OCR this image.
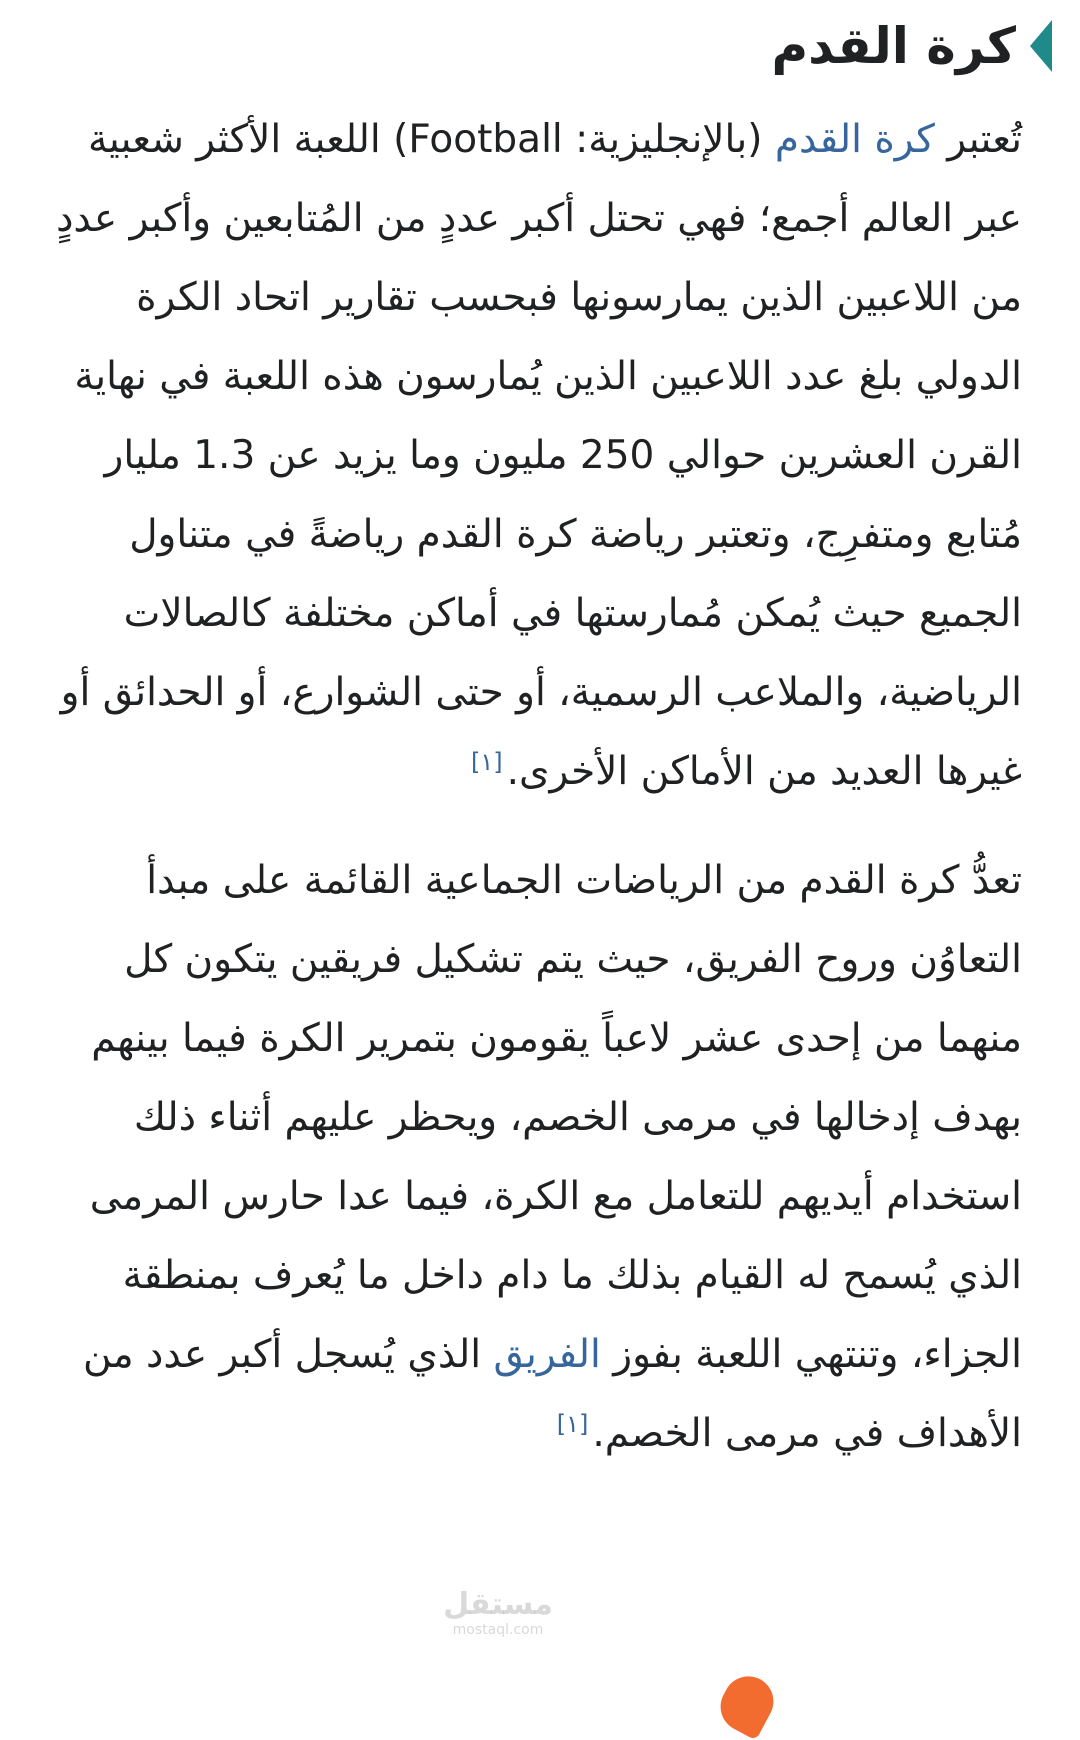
كرة القدم

تُعتبر كرة القدم (بالإنجليزية: Football) اللعبة الأكثر شعبية عبر العالم أجمع؛ فهي تحتل أكبر عددٍ من المُتابعين وأكبر عددٍ من اللاعبين الذين يمارسونها فبحسب تقارير اتحاد الكرة الدولي بلغ عدد اللاعبين الذين يُمارسون هذه اللعبة في نهاية القرن العشرين حوالي 250 مليون وما يزيد عن 1.3 مليار مُتابع ومتفرِج، وتعتبر رياضة كرة القدم رياضةً في متناول الجميع حيث يُمكن مُمارستها في أماكن مختلفة كالصالات الرياضية، والملاعب الرسمية، أو حتى الشوارع، أو الحدائق أو غيرها العديد من الأماكن الأخرى.[١]

تعدُّ كرة القدم من الرياضات الجماعية القائمة على مبدأ التعاوُن وروح الفريق، حيث يتم تشكيل فريقين يتكون كل منهما من إحدى عشر لاعباً يقومون بتمرير الكرة فيما بينهم بهدف إدخالها في مرمى الخصم، ويحظر عليهم أثناء ذلك استخدام أيديهم للتعامل مع الكرة، فيما عدا حارس المرمى الذي يُسمح له القيام بذلك ما دام داخل ما يُعرف بمنطقة الجزاء، وتنتهي اللعبة بفوز الفريق الذي يُسجل أكبر عدد من الأهداف في مرمى الخصم.[١]

مستقل
mostaql.com
